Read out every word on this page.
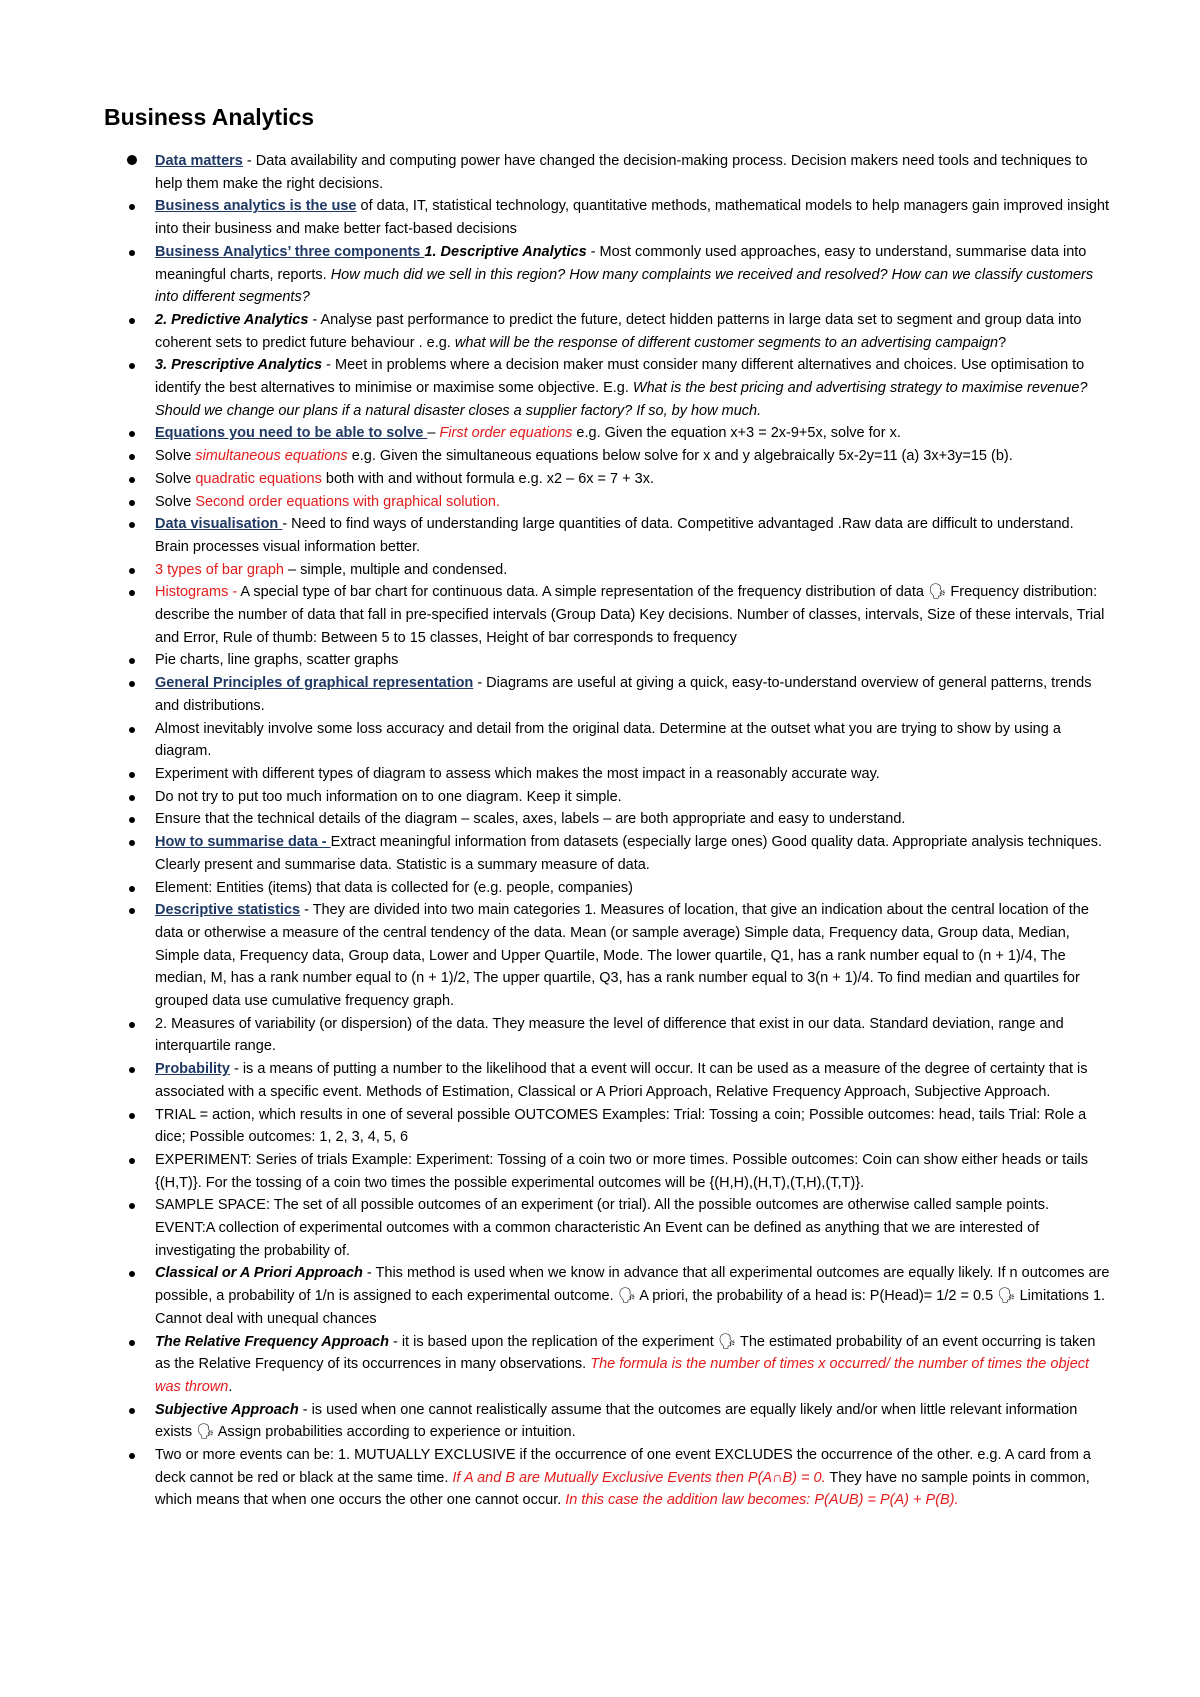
Business Analytics
Data matters - Data availability and computing power have changed the decision-making process. Decision makers need tools and techniques to help them make the right decisions.
Business analytics is the use of data, IT, statistical technology, quantitative methods, mathematical models to help managers gain improved insight into their business and make better fact-based decisions
Business Analytics’ three components 1. Descriptive Analytics - Most commonly used approaches, easy to understand, summarise data into meaningful charts, reports. How much did we sell in this region? How many complaints we received and resolved? How can we classify customers into different segments?
2. Predictive Analytics - Analyse past performance to predict the future, detect hidden patterns in large data set to segment and group data into coherent sets to predict future behaviour . e.g. what will be the response of different customer segments to an advertising campaign?
3. Prescriptive Analytics - Meet in problems where a decision maker must consider many different alternatives and choices. Use optimisation to identify the best alternatives to minimise or maximise some objective. E.g. What is the best pricing and advertising strategy to maximise revenue? Should we change our plans if a natural disaster closes a supplier factory? If so, by how much.
Equations you need to be able to solve – First order equations e.g. Given the equation x+3 = 2x-9+5x, solve for x.
Solve simultaneous equations e.g. Given the simultaneous equations below solve for x and y algebraically 5x-2y=11 (a) 3x+3y=15 (b).
Solve quadratic equations both with and without formula e.g. x2 – 6x = 7 + 3x.
Solve Second order equations with graphical solution.
Data visualisation - Need to find ways of understanding large quantities of data. Competitive advantaged .Raw data are difficult to understand. Brain processes visual information better.
3 types of bar graph – simple, multiple and condensed.
Histograms - A special type of bar chart for continuous data. A simple representation of the frequency distribution of data 🗣 Frequency distribution: describe the number of data that fall in pre-specified intervals (Group Data) Key decisions. Number of classes, intervals, Size of these intervals, Trial and Error, Rule of thumb: Between 5 to 15 classes, Height of bar corresponds to frequency
Pie charts, line graphs, scatter graphs
General Principles of graphical representation - Diagrams are useful at giving a quick, easy-to-understand overview of general patterns, trends and distributions.
Almost inevitably involve some loss accuracy and detail from the original data. Determine at the outset what you are trying to show by using a diagram.
Experiment with different types of diagram to assess which makes the most impact in a reasonably accurate way.
Do not try to put too much information on to one diagram. Keep it simple.
Ensure that the technical details of the diagram – scales, axes, labels – are both appropriate and easy to understand.
How to summarise data - Extract meaningful information from datasets (especially large ones) Good quality data. Appropriate analysis techniques. Clearly present and summarise data. Statistic is a summary measure of data.
Element: Entities (items) that data is collected for (e.g. people, companies)
Descriptive statistics - They are divided into two main categories 1. Measures of location, that give an indication about the central location of the data or otherwise a measure of the central tendency of the data. Mean (or sample average) Simple data, Frequency data, Group data, Median, Simple data, Frequency data, Group data, Lower and Upper Quartile, Mode. The lower quartile, Q1, has a rank number equal to (n + 1)/4, The median, M, has a rank number equal to (n + 1)/2, The upper quartile, Q3, has a rank number equal to 3(n + 1)/4. To find median and quartiles for grouped data use cumulative frequency graph.
2. Measures of variability (or dispersion) of the data. They measure the level of difference that exist in our data. Standard deviation, range and interquartile range.
Probability - is a means of putting a number to the likelihood that a event will occur. It can be used as a measure of the degree of certainty that is associated with a specific event. Methods of Estimation, Classical or A Priori Approach, Relative Frequency Approach, Subjective Approach.
TRIAL = action, which results in one of several possible OUTCOMES Examples: Trial: Tossing a coin; Possible outcomes: head, tails Trial: Role a dice; Possible outcomes: 1, 2, 3, 4, 5, 6
EXPERIMENT: Series of trials Example: Experiment: Tossing of a coin two or more times. Possible outcomes: Coin can show either heads or tails {(H,T)}. For the tossing of a coin two times the possible experimental outcomes will be {(H,H),(H,T),(T,H),(T,T)}.
SAMPLE SPACE: The set of all possible outcomes of an experiment (or trial). All the possible outcomes are otherwise called sample points. EVENT:A collection of experimental outcomes with a common characteristic An Event can be defined as anything that we are interested of investigating the probability of.
Classical or A Priori Approach - This method is used when we know in advance that all experimental outcomes are equally likely. If n outcomes are possible, a probability of 1/n is assigned to each experimental outcome. 🗣 A priori, the probability of a head is: P(Head)= 1/2 = 0.5 🗣 Limitations 1. Cannot deal with unequal chances
The Relative Frequency Approach - it is based upon the replication of the experiment 🗣 The estimated probability of an event occurring is taken as the Relative Frequency of its occurrences in many observations. The formula is the number of times x occurred/ the number of times the object was thrown.
Subjective Approach - is used when one cannot realistically assume that the outcomes are equally likely and/or when little relevant information exists 🗣 Assign probabilities according to experience or intuition.
Two or more events can be: 1. MUTUALLY EXCLUSIVE if the occurrence of one event EXCLUDES the occurrence of the other. e.g. A card from a deck cannot be red or black at the same time. If A and B are Mutually Exclusive Events then P(A∩B) = 0. They have no sample points in common, which means that when one occurs the other one cannot occur. In this case the addition law becomes: P(AUB) = P(A) + P(B).
